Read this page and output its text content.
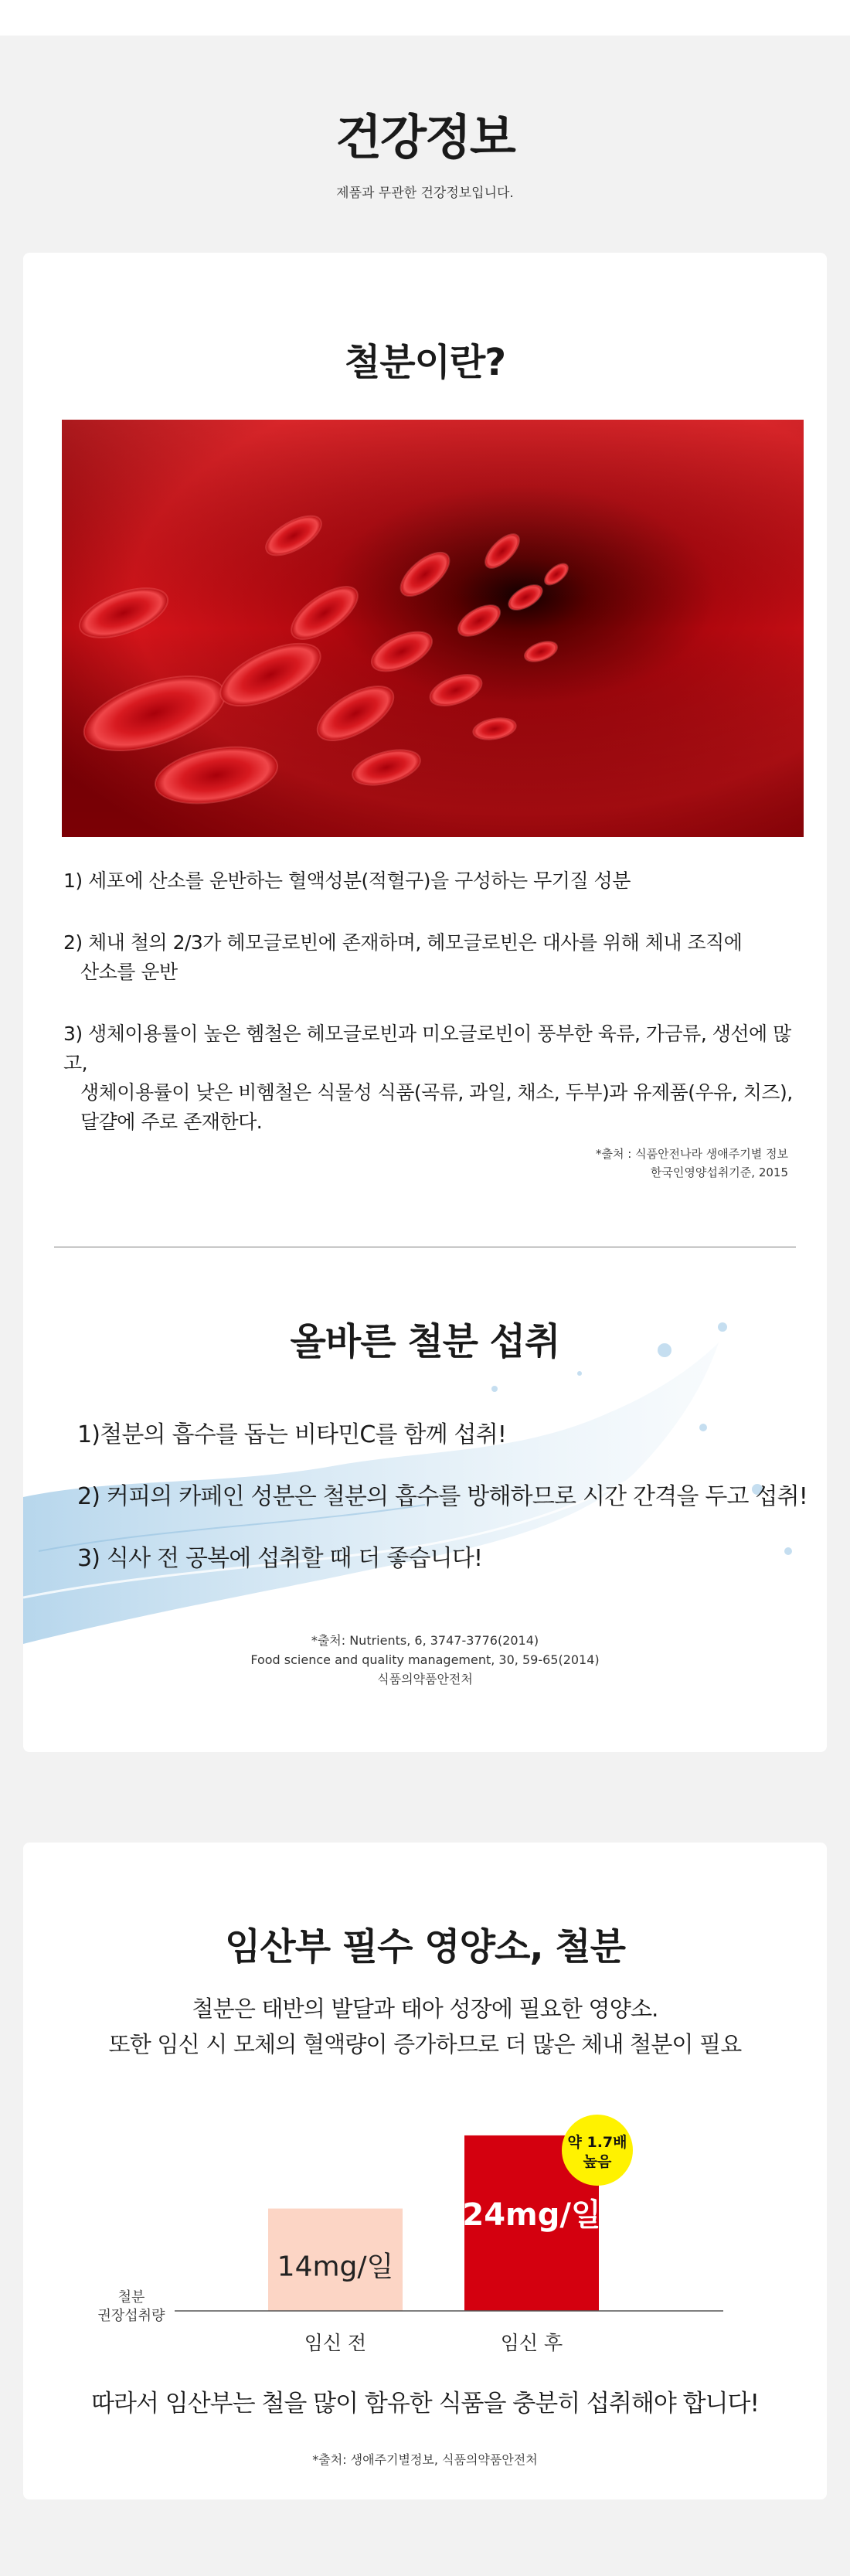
건강정보

제품과 무관한 건강정보입니다.

철분이란?

1) 세포에 산소를 운반하는 혈액성분(적혈구)을 구성하는 무기질 성분

2) 체내 철의 2/3가 헤모글로빈에 존재하며, 헤모글로빈은 대사를 위해 체내 조직에
산소를 운반

3) 생체이용률이 높은 헴철은 헤모글로빈과 미오글로빈이 풍부한 육류, 가금류, 생선에 많고,
생체이용률이 낮은 비헴철은 식물성 식품(곡류, 과일, 채소, 두부)과 유제품(우유, 치즈),
달걀에 주로 존재한다.

*출처 : 식품안전나라 생애주기별 정보
한국인영양섭취기준, 2015
올바른 철분 섭취

1)철분의 흡수를 돕는 비타민C를 함께 섭취!

2) 커피의 카페인 성분은 철분의 흡수를 방해하므로 시간 간격을 두고 섭취!

3) 식사 전 공복에 섭취할 때 더 좋습니다!

*출처: Nutrients, 6, 3747-3776(2014)
Food science and quality management, 30, 59-65(2014)
식품의약품안전처
임산부 필수 영양소, 철분

철분은 태반의 발달과 태아 성장에 필요한 영양소.
또한 임신 시 모체의 혈액량이 증가하므로 더 많은 체내 철분이 필요

14mg/일
임신 전
24mg/일
임신 후
철분
권장섭취량
약 1.7배
높음

따라서 임산부는 철을 많이 함유한 식품을 충분히 섭취해야 합니다!

*출처: 생애주기별정보, 식품의약품안전처
